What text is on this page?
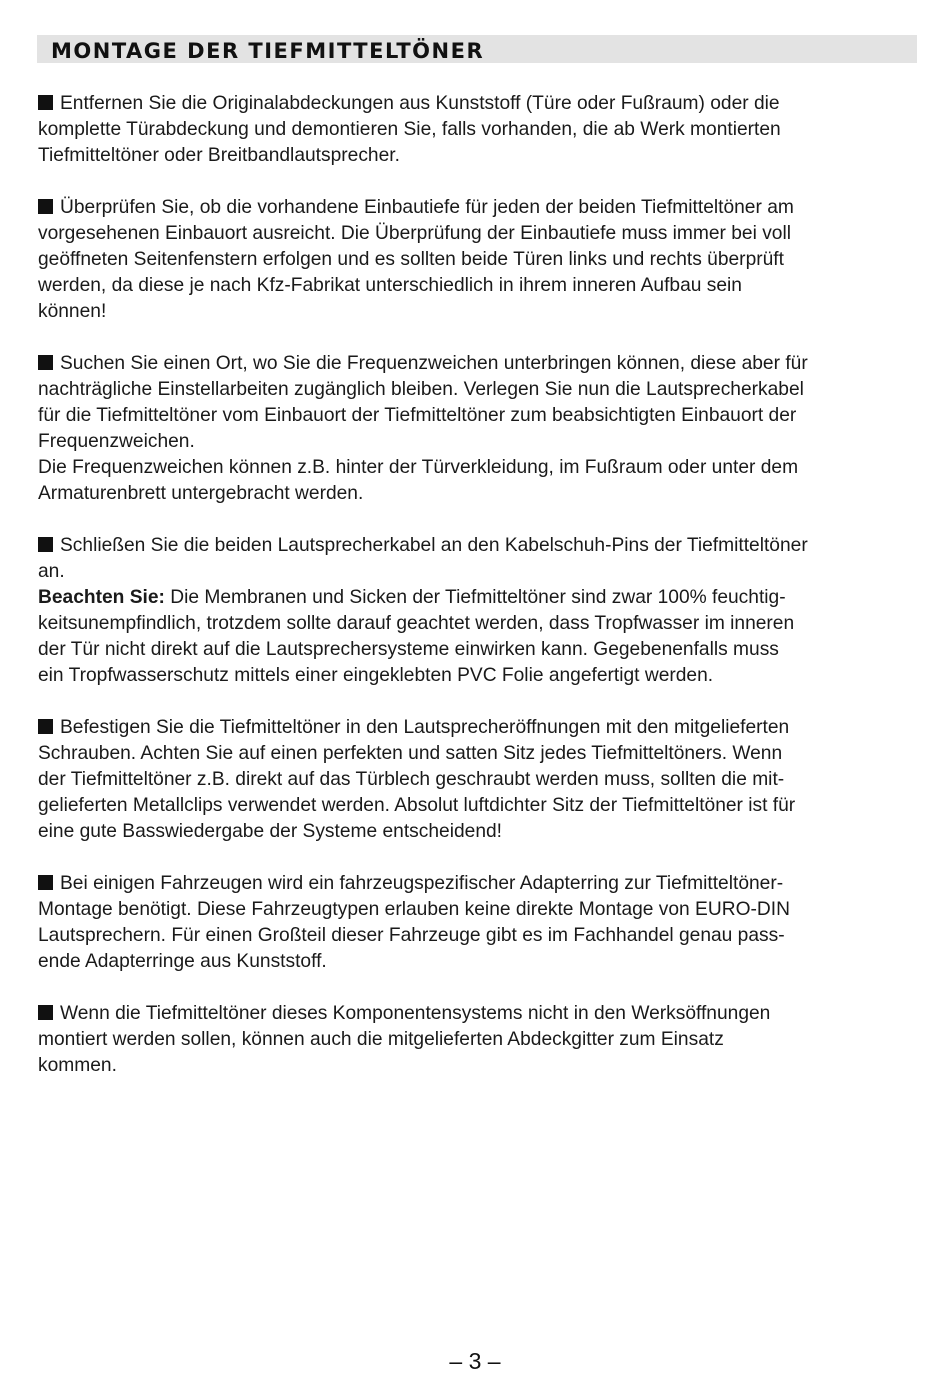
MONTAGE DER TIEFMITTELTÖNER
Entfernen Sie die Originalabdeckungen aus Kunststoff (Türe oder Fußraum) oder die
komplette Türabdeckung und demontieren Sie, falls vorhanden, die ab Werk montierten
Tiefmitteltöner oder Breitbandlautsprecher.
Überprüfen Sie, ob die vorhandene Einbautiefe für jeden der beiden Tiefmitteltöner am
vorgesehenen Einbauort ausreicht. Die Überprüfung der Einbautiefe muss immer bei voll
geöffneten Seitenfenstern erfolgen und es sollten beide Türen links und rechts überprüft
werden, da diese je nach Kfz-Fabrikat unterschiedlich in ihrem inneren Aufbau sein
können!
Suchen Sie einen Ort, wo Sie die Frequenzweichen unterbringen können, diese aber für
nachträgliche Einstellarbeiten zugänglich bleiben. Verlegen Sie nun die Lautsprecherkabel
für die Tiefmitteltöner vom Einbauort der Tiefmitteltöner zum beabsichtigten Einbauort der
Frequenzweichen.
Die Frequenzweichen können z.B. hinter der Türverkleidung, im Fußraum oder unter dem
Armaturenbrett untergebracht werden.
Schließen Sie die beiden Lautsprecherkabel an den Kabelschuh-Pins der Tiefmitteltöner
an.
Beachten Sie: Die Membranen und Sicken der Tiefmitteltöner sind zwar 100% feuchtig-
keitsunempfindlich, trotzdem sollte darauf geachtet werden, dass Tropfwasser im inneren
der Tür nicht direkt auf die Lautsprechersysteme einwirken kann. Gegebenenfalls muss
ein Tropfwasserschutz mittels einer eingeklebten PVC Folie angefertigt werden.
Befestigen Sie die Tiefmitteltöner in den Lautsprecheröffnungen mit den mitgelieferten
Schrauben. Achten Sie auf einen perfekten und satten Sitz jedes Tiefmitteltöners. Wenn
der Tiefmitteltöner z.B. direkt auf das Türblech geschraubt werden muss, sollten die mit-
gelieferten Metallclips verwendet werden. Absolut luftdichter Sitz der Tiefmitteltöner ist für
eine gute Basswiedergabe der Systeme entscheidend!
Bei einigen Fahrzeugen wird ein fahrzeugspezifischer Adapterring zur Tiefmitteltöner-
Montage benötigt. Diese Fahrzeugtypen erlauben keine direkte Montage von EURO-DIN
Lautsprechern. Für einen Großteil dieser Fahrzeuge gibt es im Fachhandel genau pass-
ende Adapterringe aus Kunststoff.
Wenn die Tiefmitteltöner dieses Komponentensystems nicht in den Werksöffnungen
montiert werden sollen, können auch die mitgelieferten Abdeckgitter zum Einsatz
kommen.
– 3 –
